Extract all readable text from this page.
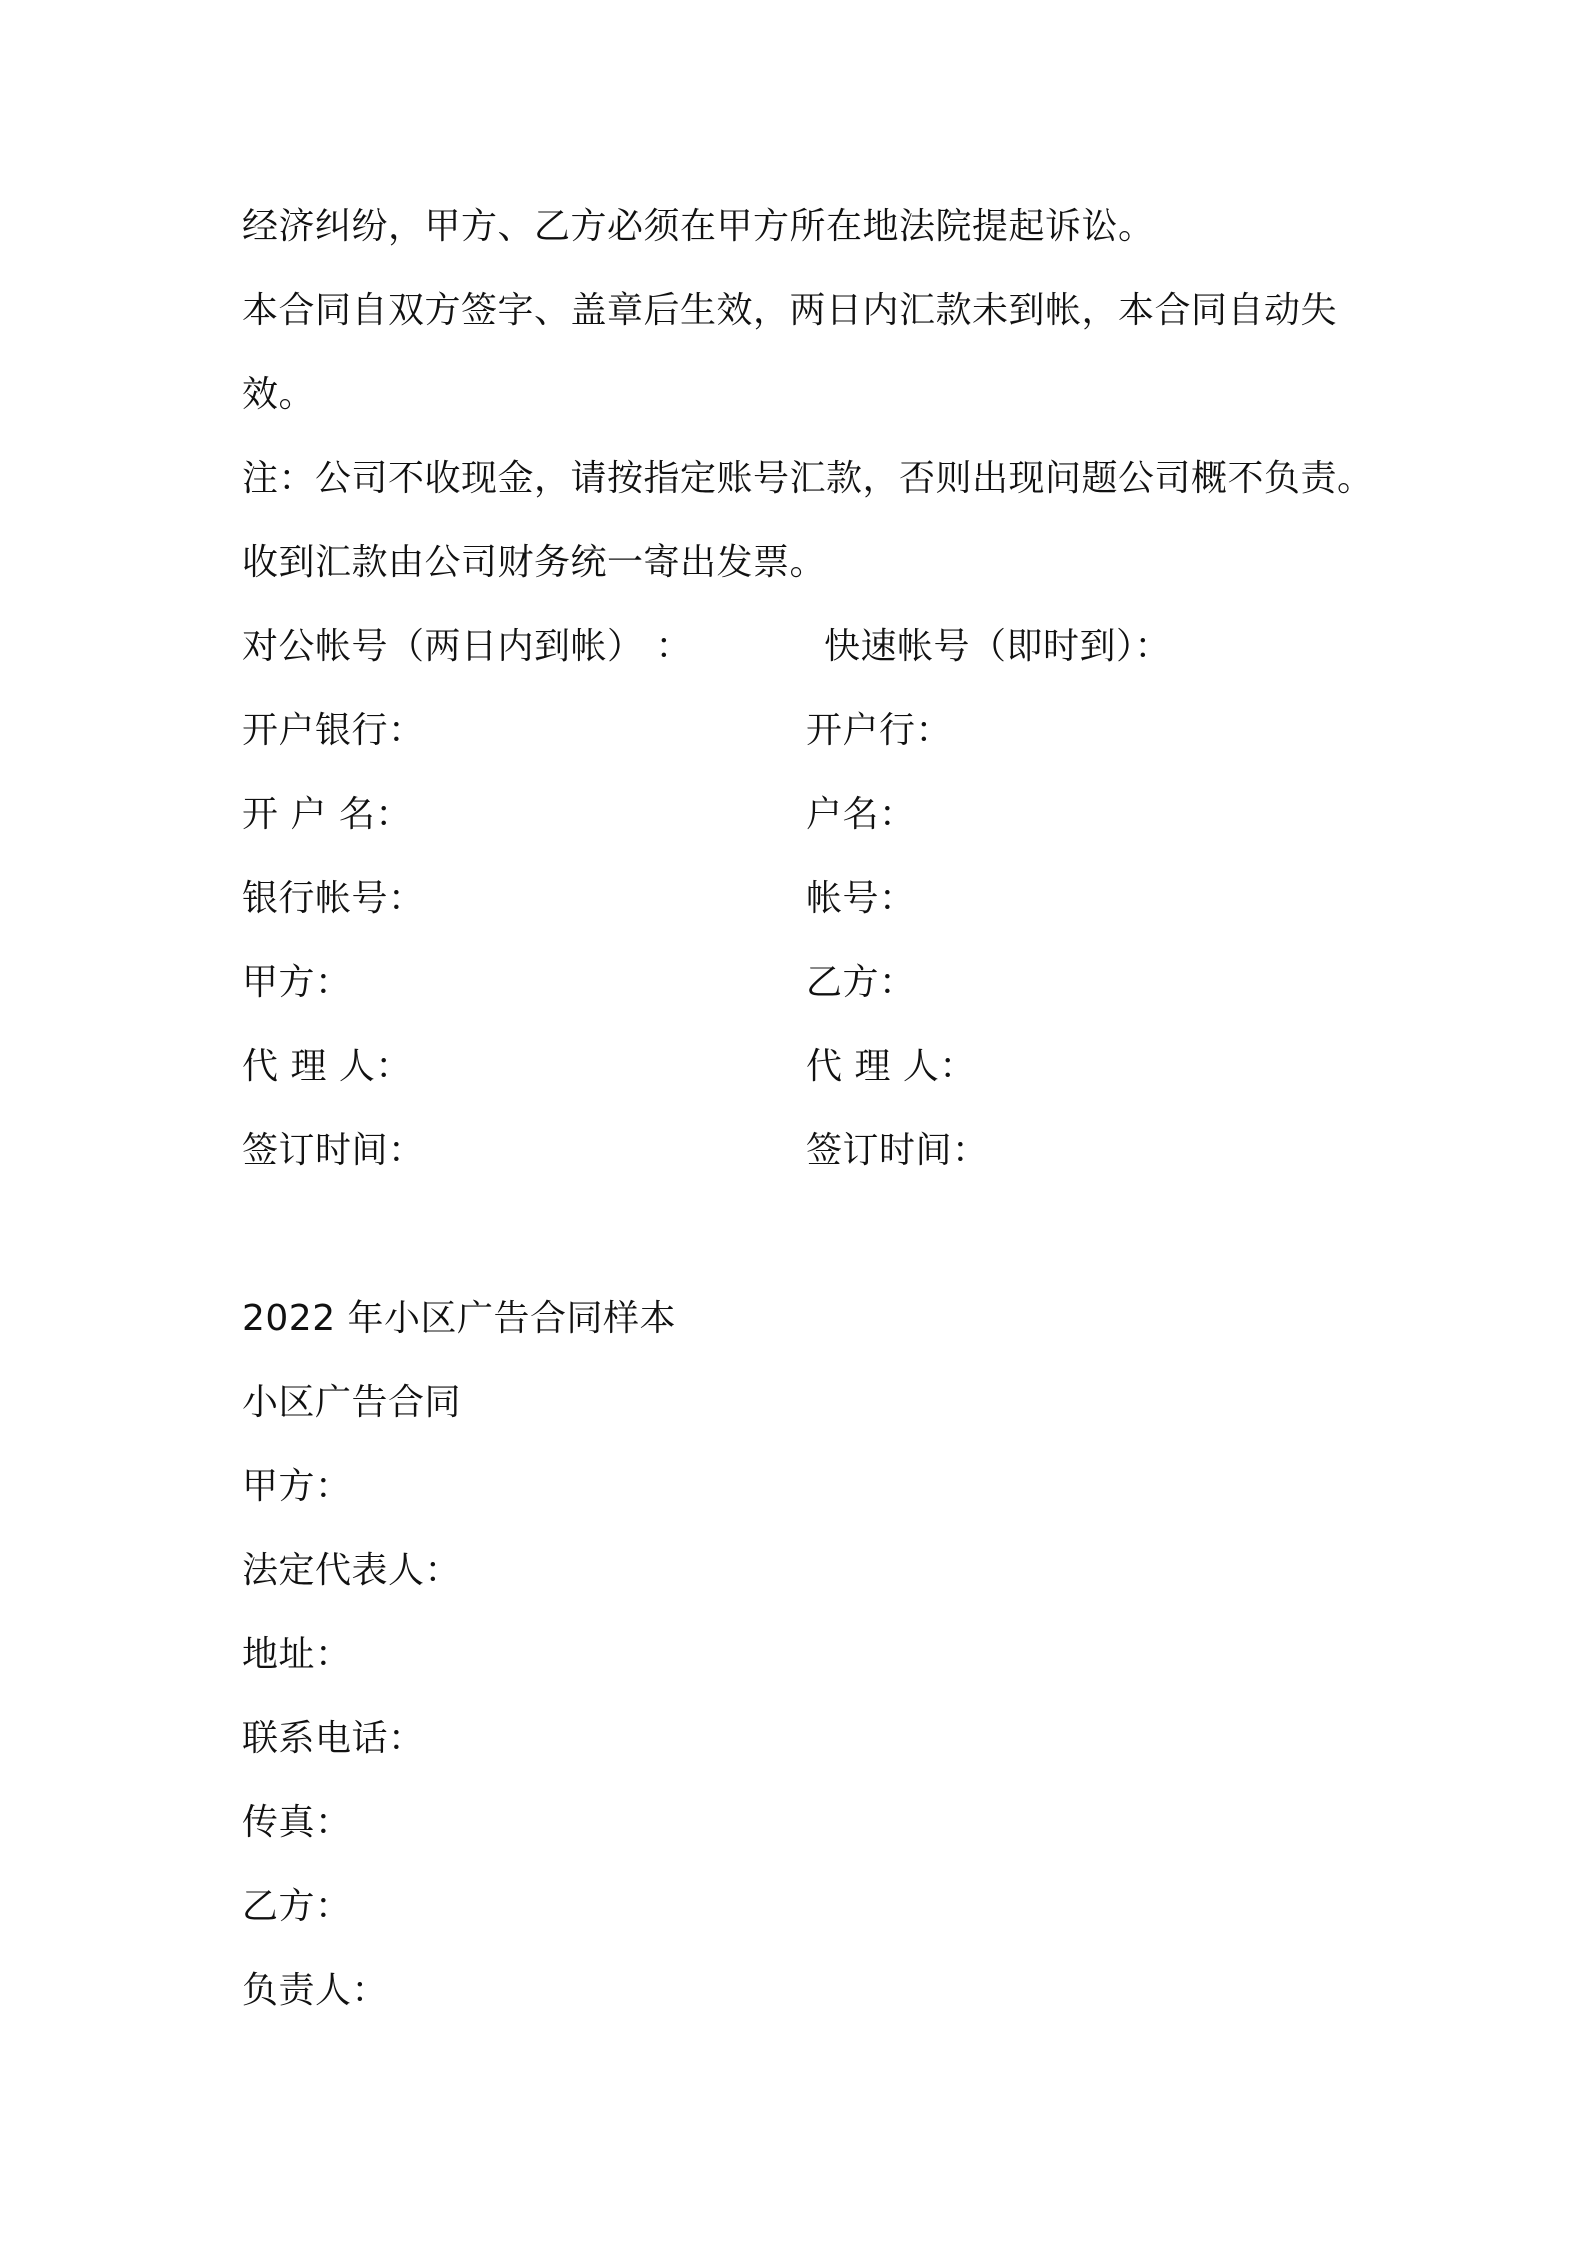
经济纠纷，甲方、乙方必须在甲方所在地法院提起诉讼。
本合同自双方签字、盖章后生效，两日内汇款未到帐，本合同自动失
效。
注：公司不收现金，请按指定账号汇款，否则出现问题公司概不负责。
收到汇款由公司财务统一寄出发票。
对公帐号（两日内到帐） ：	快速帐号（即时到）：
开户银行：	开户行：
开 户 名：	户名：
银行帐号：	帐号：
甲方：	乙方：
代 理 人：	代 理 人：
签订时间：	签订时间：
2022 年小区广告合同样本
小区广告合同
甲方：
法定代表人：
地址：
联系电话：
传真：
乙方：
负责人：
